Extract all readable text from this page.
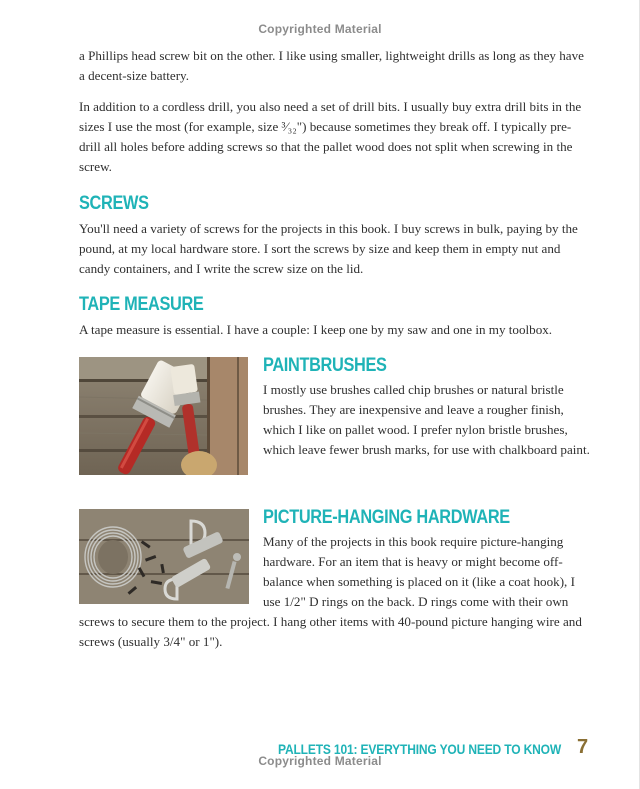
Copyrighted Material

a Phillips head screw bit on the other. I like using smaller, lightweight drills as long as they have a decent-size battery.

In addition to a cordless drill, you also need a set of drill bits. I usually buy extra drill bits in the sizes I use the most (for example, size ³⁄₃₂") because sometimes they break off. I typically pre-drill all holes before adding screws so that the pallet wood does not split when screwing in the screw.

SCREWS

You'll need a variety of screws for the projects in this book. I buy screws in bulk, paying by the pound, at my local hardware store. I sort the screws by size and keep them in empty nut and candy containers, and I write the screw size on the lid.

TAPE MEASURE

A tape measure is essential. I have a couple: I keep one by my saw and one in my toolbox.

PAINTBRUSHES

I mostly use brushes called chip brushes or natural bristle brushes. They are inexpensive and leave a rougher finish, which I like on pallet wood. I prefer nylon bristle brushes, which leave fewer brush marks, for use with chalkboard paint.

PICTURE-HANGING HARDWARE

Many of the projects in this book require picture-hanging hardware. For an item that is heavy or might become off-balance when something is placed on it (like a coat hook), I use 1/2" D rings on the back. D rings come with their own

screws to secure them to the project. I hang other items with 40-pound picture hanging wire and screws (usually 3/4" or 1").

PALLETS 101: EVERYTHING YOU NEED TO KNOW 7
Copyrighted Material
